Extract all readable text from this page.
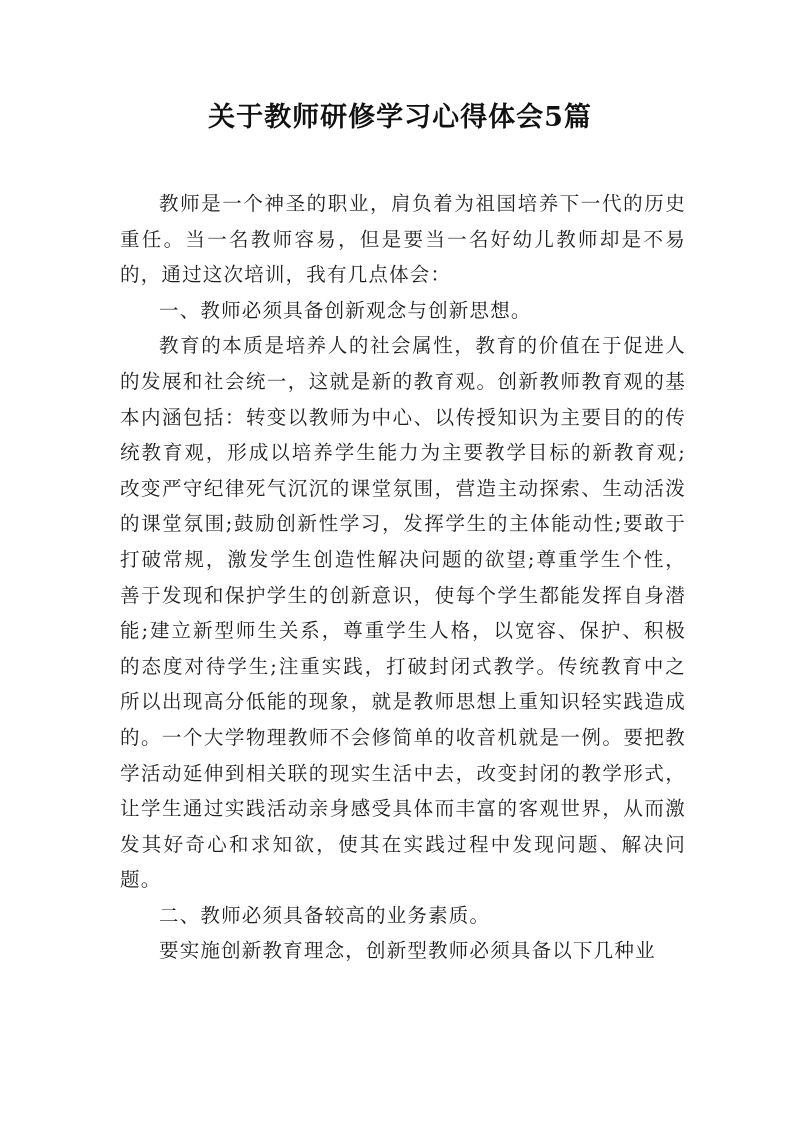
关于教师研修学习心得体会5篇

教师是一个神圣的职业，肩负着为祖国培养下一代的历史重任。当一名教师容易，但是要当一名好幼儿教师却是不易的，通过这次培训，我有几点体会：

一、教师必须具备创新观念与创新思想。

教育的本质是培养人的社会属性，教育的价值在于促进人的发展和社会统一，这就是新的教育观。创新教师教育观的基本内涵包括：转变以教师为中心、以传授知识为主要目的的传统教育观，形成以培养学生能力为主要教学目标的新教育观;改变严守纪律死气沉沉的课堂氛围，营造主动探索、生动活泼的课堂氛围;鼓励创新性学习，发挥学生的主体能动性;要敢于打破常规，激发学生创造性解决问题的欲望;尊重学生个性，善于发现和保护学生的创新意识，使每个学生都能发挥自身潜能;建立新型师生关系，尊重学生人格，以宽容、保护、积极的态度对待学生;注重实践，打破封闭式教学。传统教育中之所以出现高分低能的现象，就是教师思想上重知识轻实践造成的。一个大学物理教师不会修简单的收音机就是一例。要把教学活动延伸到相关联的现实生活中去，改变封闭的教学形式，让学生通过实践活动亲身感受具体而丰富的客观世界，从而激发其好奇心和求知欲，使其在实践过程中发现问题、解决问题。

二、教师必须具备较高的业务素质。

要实施创新教育理念，创新型教师必须具备以下几种业
